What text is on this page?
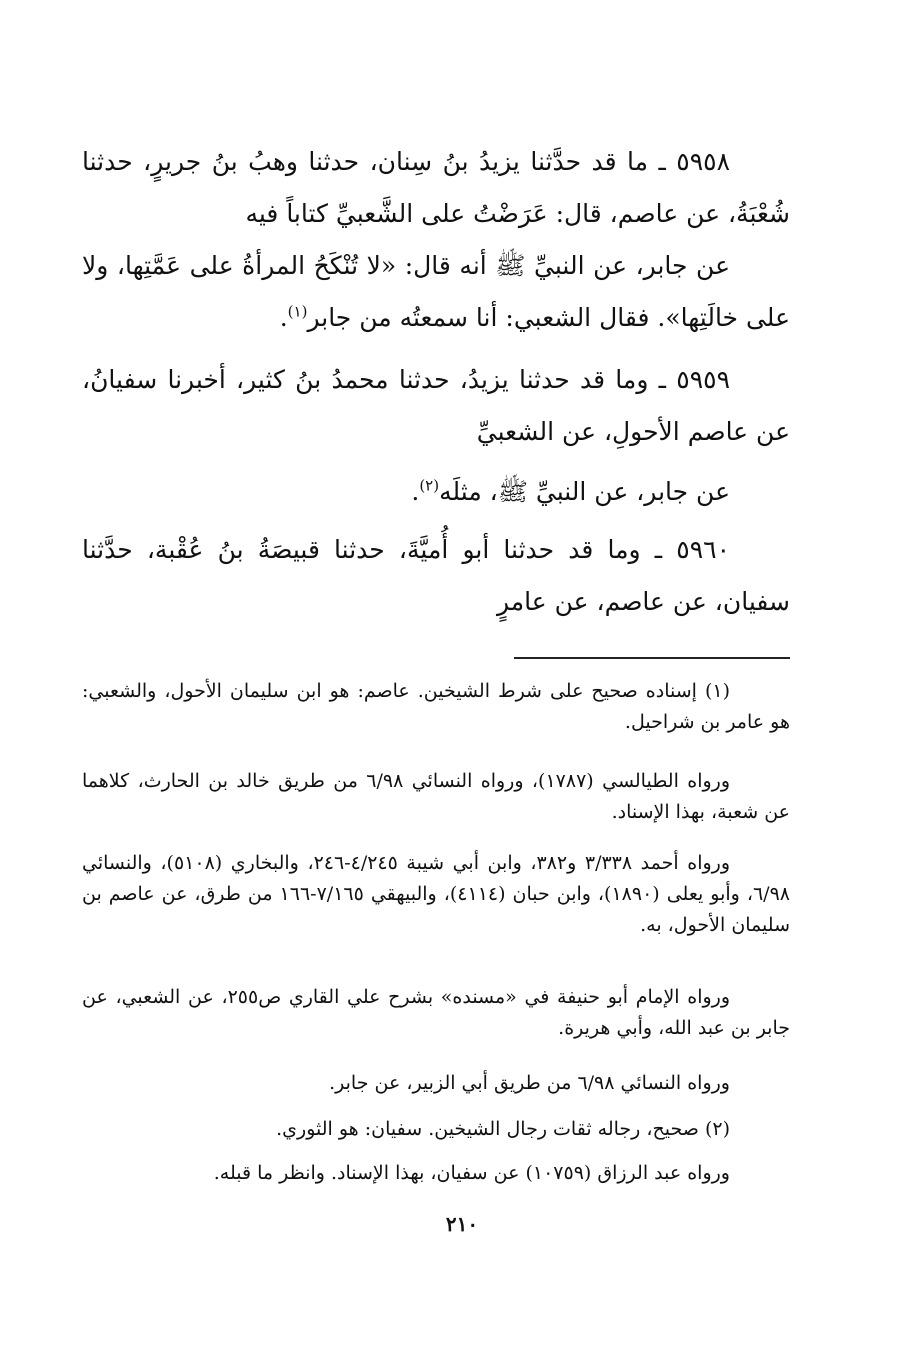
٥٩٥٨ ـ ما قد حدَّثنا يزيدُ بنُ سِنان، حدثنا وهبُ بنُ جريرٍ، حدثنا شُعْبَةُ، عن عاصم، قال: عَرَضْتُ على الشَّعبيِّ كتاباً فيه

عن جابر، عن النبيِّ ﷺ أنه قال: «لا تُنْكَحُ المرأةُ على عَمَّتِها، ولا على خالَتِها». فقال الشعبي: أنا سمعتُه من جابر$^{(١)}$.

٥٩٥٩ ـ وما قد حدثنا يزيدُ، حدثنا محمدُ بنُ كثير، أخبرنا سفيانُ، عن عاصم الأحولِ، عن الشعبيِّ

عن جابر، عن النبيِّ ﷺ، مثلَه$^{(٢)}$.

٥٩٦٠ ـ وما قد حدثنا أبو أُميَّةَ، حدثنا قبيصَةُ بنُ عُقْبة، حدَّثنا سفيان، عن عاصم، عن عامرٍ

(١) إسناده صحيح على شرط الشيخين. عاصم: هو ابن سليمان الأحول، والشعبي: هو عامر بن شراحيل.

ورواه الطيالسي (١٧٨٧)، ورواه النسائي ٦/٩٨ من طريق خالد بن الحارث، كلاهما عن شعبة، بهذا الإسناد.

ورواه أحمد ٣/٣٣٨ و٣٨٢، وابن أبي شيبة ٤/٢٤٥-٢٤٦، والبخاري (٥١٠٨)، والنسائي ٦/٩٨، وأبو يعلى (١٨٩٠)، وابن حبان (٤١١٤)، والبيهقي ٧/١٦٥-١٦٦ من طرق، عن عاصم بن سليمان الأحول، به.

ورواه الإمام أبو حنيفة في «مسنده» بشرح علي القاري ص٢٥٥، عن الشعبي، عن جابر بن عبد الله، وأبي هريرة.

ورواه النسائي ٦/٩٨ من طريق أبي الزبير، عن جابر.

(٢) صحيح، رجاله ثقات رجال الشيخين. سفيان: هو الثوري.

ورواه عبد الرزاق (١٠٧٥٩) عن سفيان، بهذا الإسناد. وانظر ما قبله.

٢١٠
